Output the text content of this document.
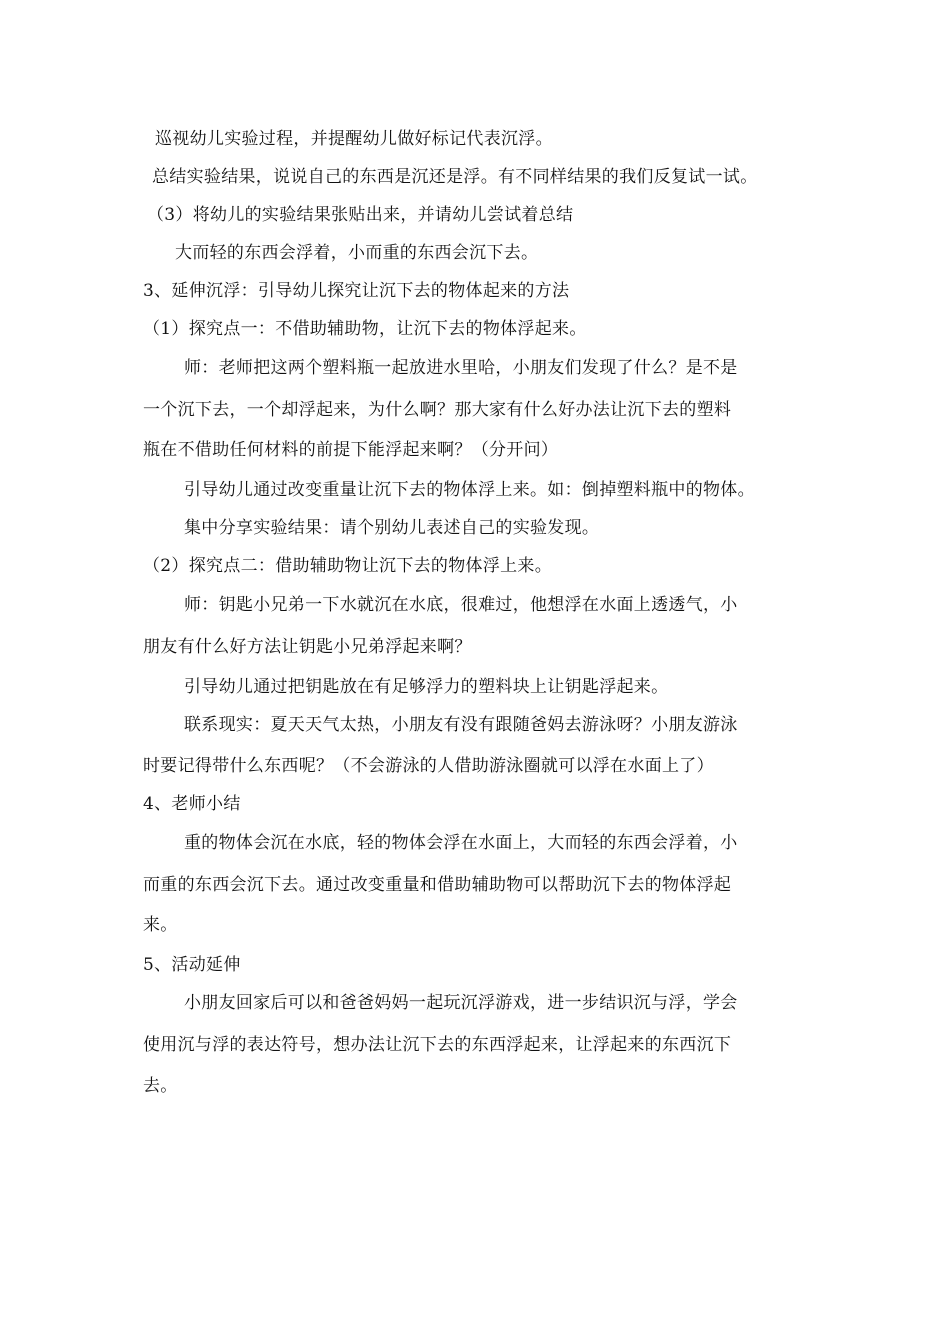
巡视幼儿实验过程，并提醒幼儿做好标记代表沉浮。
总结实验结果，说说自己的东西是沉还是浮。有不同样结果的我们反复试一试。
（3）将幼儿的实验结果张贴出来，并请幼儿尝试着总结
大而轻的东西会浮着，小而重的东西会沉下去。
3、延伸沉浮：引导幼儿探究让沉下去的物体起来的方法
（1）探究点一：不借助辅助物，让沉下去的物体浮起来。
师：老师把这两个塑料瓶一起放进水里哈，小朋友们发现了什么？是不是
一个沉下去，一个却浮起来，为什么啊？那大家有什么好办法让沉下去的塑料
瓶在不借助任何材料的前提下能浮起来啊？（分开问）
引导幼儿通过改变重量让沉下去的物体浮上来。如：倒掉塑料瓶中的物体。
集中分享实验结果：请个别幼儿表述自己的实验发现。
（2）探究点二：借助辅助物让沉下去的物体浮上来。
师：钥匙小兄弟一下水就沉在水底，很难过，他想浮在水面上透透气，小
朋友有什么好方法让钥匙小兄弟浮起来啊？
引导幼儿通过把钥匙放在有足够浮力的塑料块上让钥匙浮起来。
联系现实：夏天天气太热，小朋友有没有跟随爸妈去游泳呀？小朋友游泳
时要记得带什么东西呢？（不会游泳的人借助游泳圈就可以浮在水面上了）
4、老师小结
重的物体会沉在水底，轻的物体会浮在水面上，大而轻的东西会浮着，小
而重的东西会沉下去。通过改变重量和借助辅助物可以帮助沉下去的物体浮起
来。
5、活动延伸
小朋友回家后可以和爸爸妈妈一起玩沉浮游戏，进一步结识沉与浮，学会
使用沉与浮的表达符号，想办法让沉下去的东西浮起来，让浮起来的东西沉下
去。
